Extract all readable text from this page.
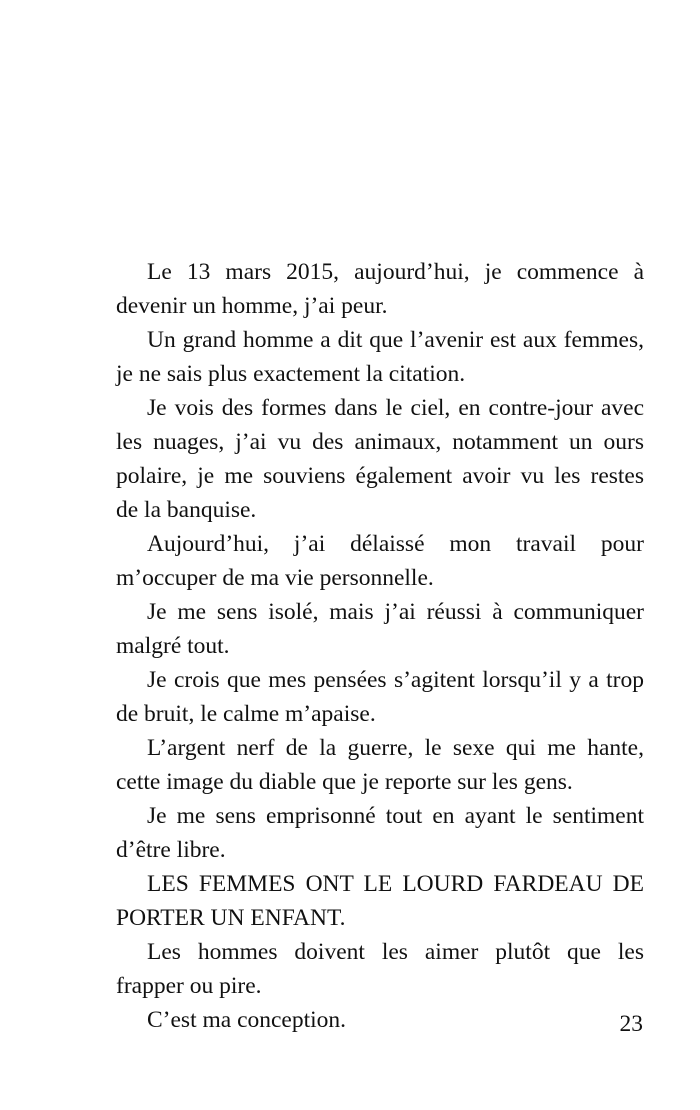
Le 13 mars 2015, aujourd’hui, je commence à
devenir un homme, j’ai peur.
Un grand homme a dit que l’avenir est aux femmes,
je ne sais plus exactement la citation.
Je vois des formes dans le ciel, en contre-jour avec
les nuages, j’ai vu des animaux, notamment un ours
polaire, je me souviens également avoir vu les restes
de la banquise.
Aujourd’hui, j’ai délaissé mon travail pour
m’occuper de ma vie personnelle.
Je me sens isolé, mais j’ai réussi à communiquer
malgré tout.
Je crois que mes pensées s’agitent lorsqu’il y a trop
de bruit, le calme m’apaise.
L’argent nerf de la guerre, le sexe qui me hante,
cette image du diable que je reporte sur les gens.
Je me sens emprisonné tout en ayant le sentiment
d’être libre.
LES FEMMES ONT LE LOURD FARDEAU DE
PORTER UN ENFANT.
Les hommes doivent les aimer plutôt que les
frapper ou pire.
C’est ma conception.	23
